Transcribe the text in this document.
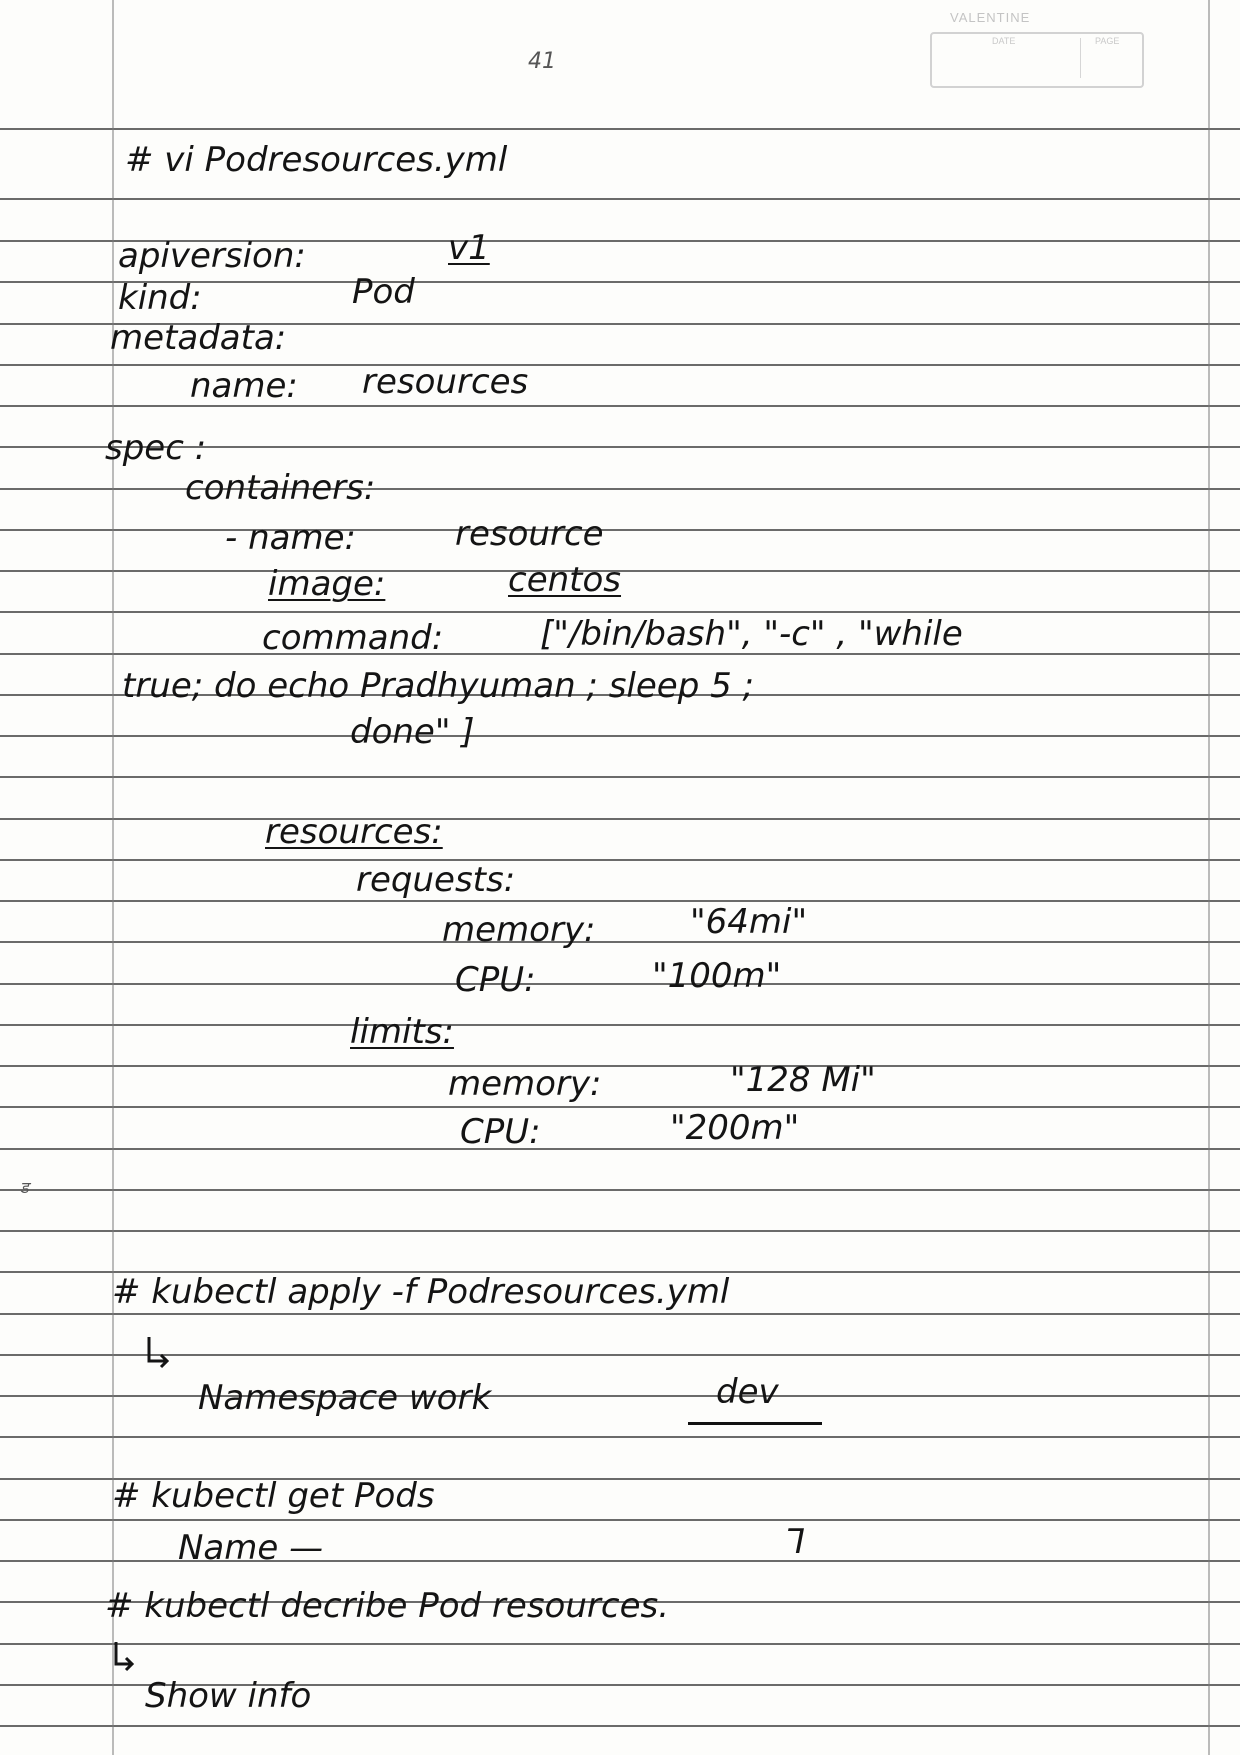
VALENTINE
DATE	PAGE
41
# vi Podresources.yml
apiversion:	v1
kind:	Pod
metadata:
name: resources
spec :
containers:
- name:	resource
image:	centos
command:	["/bin/bash", "-c" , "while
true; do echo Pradhyuman ; sleep 5 ;
done" ]
resources:
requests:
memory:	"64mi"
CPU:	"100m"
limits:
memory:	"128 Mi"
CPU:	"200m"
ड
# kubectl apply -f Podresources.yml
Namespace work	dev
# kubectl get Pods
Name —	⅂
# kubectl decribe Pod resources.
Show info
